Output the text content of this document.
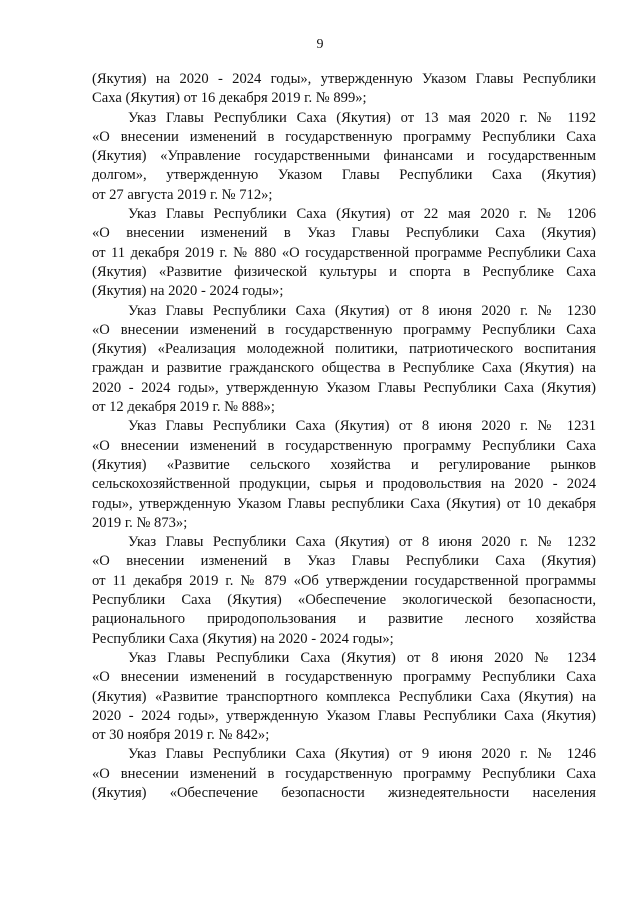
9
(Якутия) на 2020 - 2024 годы», утвержденную Указом Главы Республики
Саха (Якутия) от 16 декабря 2019 г. № 899»;
Указ Главы Республики Саха (Якутия) от 13 мая 2020 г. № 1192
«О внесении изменений в государственную программу Республики Саха
(Якутия) «Управление государственными финансами и государственным
долгом», утвержденную Указом Главы Республики Саха (Якутия)
от 27 августа 2019 г. № 712»;
Указ Главы Республики Саха (Якутия) от 22 мая 2020 г. № 1206
«О внесении изменений в Указ Главы Республики Саха (Якутия)
от 11 декабря 2019 г. № 880 «О государственной программе Республики Саха
(Якутия) «Развитие физической культуры и спорта в Республике Саха
(Якутия) на 2020 - 2024 годы»;
Указ Главы Республики Саха (Якутия) от 8 июня 2020 г. № 1230
«О внесении изменений в государственную программу Республики Саха
(Якутия) «Реализация молодежной политики, патриотического воспитания
граждан и развитие гражданского общества в Республике Саха (Якутия) на
2020 - 2024 годы», утвержденную Указом Главы Республики Саха (Якутия)
от 12 декабря 2019 г. № 888»;
Указ Главы Республики Саха (Якутия) от 8 июня 2020 г. № 1231
«О внесении изменений в государственную программу Республики Саха
(Якутия) «Развитие сельского хозяйства и регулирование рынков
сельскохозяйственной продукции, сырья и продовольствия на 2020 - 2024
годы», утвержденную Указом Главы республики Саха (Якутия) от 10 декабря
2019 г. № 873»;
Указ Главы Республики Саха (Якутия) от 8 июня 2020 г. № 1232
«О внесении изменений в Указ Главы Республики Саха (Якутия)
от 11 декабря 2019 г. № 879 «Об утверждении государственной программы
Республики Саха (Якутия) «Обеспечение экологической безопасности,
рационального природопользования и развитие лесного хозяйства
Республики Саха (Якутия) на 2020 - 2024 годы»;
Указ Главы Республики Саха (Якутия) от 8 июня 2020 № 1234
«О внесении изменений в государственную программу Республики Саха
(Якутия) «Развитие транспортного комплекса Республики Саха (Якутия) на
2020 - 2024 годы», утвержденную Указом Главы Республики Саха (Якутия)
от 30 ноября 2019 г. № 842»;
Указ Главы Республики Саха (Якутия) от 9 июня 2020 г. № 1246
«О внесении изменений в государственную программу Республики Саха
(Якутия) «Обеспечение безопасности жизнедеятельности населения
